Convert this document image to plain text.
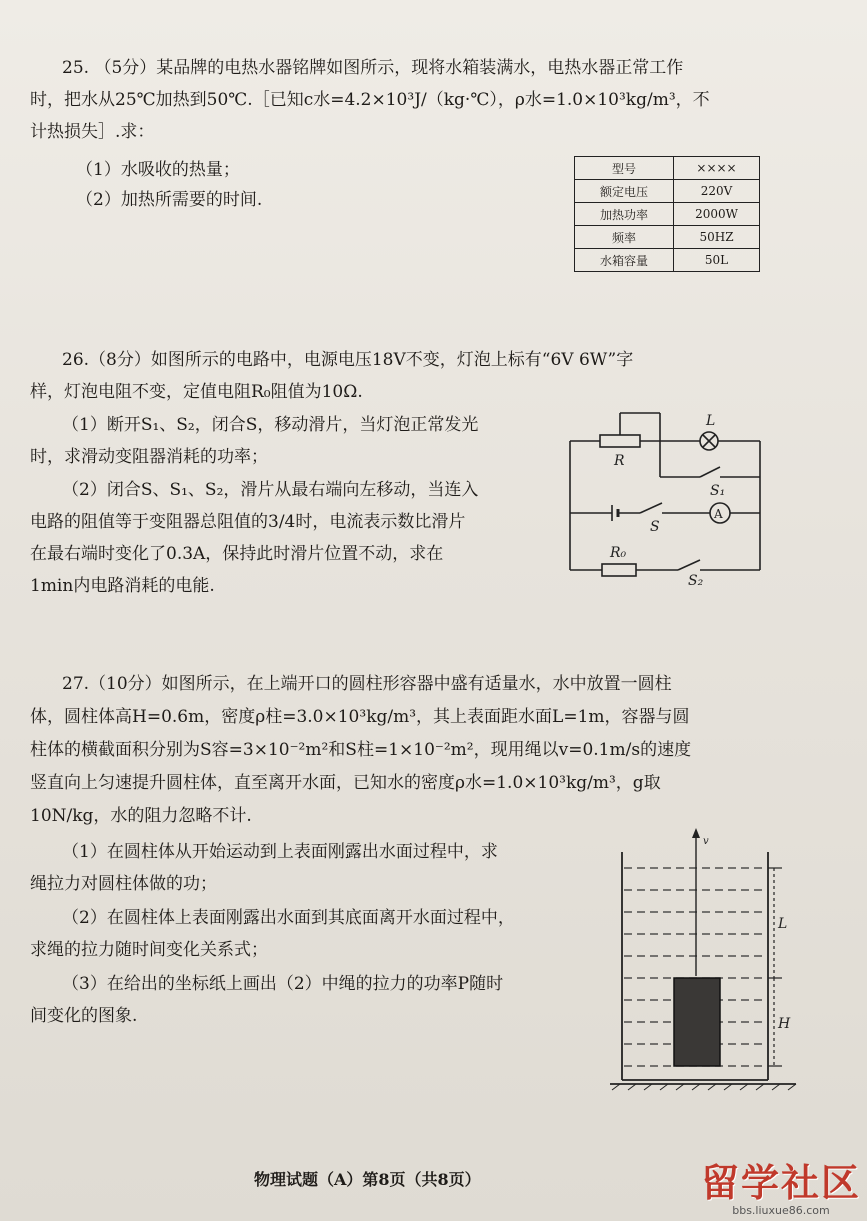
25. （5分）某品牌的电热水器铭牌如图所示，现将水箱装满水，电热水器正常工作
时，把水从25℃加热到50℃.［已知c水=4.2×10³J/（kg·℃），ρ水=1.0×10³kg/m³，不
计热损失］.求：
（1）水吸收的热量；
（2）加热所需要的时间.
型号	××××
额定电压	220V
加热功率	2000W
频率	50HZ
水箱容量	50L
26.（8分）如图所示的电路中，电源电压18V不变，灯泡上标有“6V 6W”字
样，灯泡电阻不变，定值电阻R₀阻值为10Ω.
（1）断开S₁、S₂，闭合S，移动滑片，当灯泡正常发光
时，求滑动变阻器消耗的功率；
（2）闭合S、S₁、S₂，滑片从最右端向左移动，当连入
电路的阻值等于变阻器总阻值的3/4时，电流表示数比滑片
在最右端时变化了0.3A，保持此时滑片位置不动，求在
1min内电路消耗的电能.
L
R
S₁
S
A
R₀
S₂
27.（10分）如图所示，在上端开口的圆柱形容器中盛有适量水，水中放置一圆柱
体，圆柱体高H=0.6m，密度ρ柱=3.0×10³kg/m³，其上表面距水面L=1m，容器与圆
柱体的横截面积分别为S容=3×10⁻²m²和S柱=1×10⁻²m²，现用绳以v=0.1m/s的速度
竖直向上匀速提升圆柱体，直至离开水面，已知水的密度ρ水=1.0×10³kg/m³，g取
10N/kg，水的阻力忽略不计.
（1）在圆柱体从开始运动到上表面刚露出水面过程中，求
绳拉力对圆柱体做的功；
（2）在圆柱体上表面刚露出水面到其底面离开水面过程中，
求绳的拉力随时间变化关系式；
（3）在给出的坐标纸上画出（2）中绳的拉力的功率P随时
间变化的图象.
v
L
H
物理试题（A）第8页（共8页）	留学社区
bbs.liuxue86.com
